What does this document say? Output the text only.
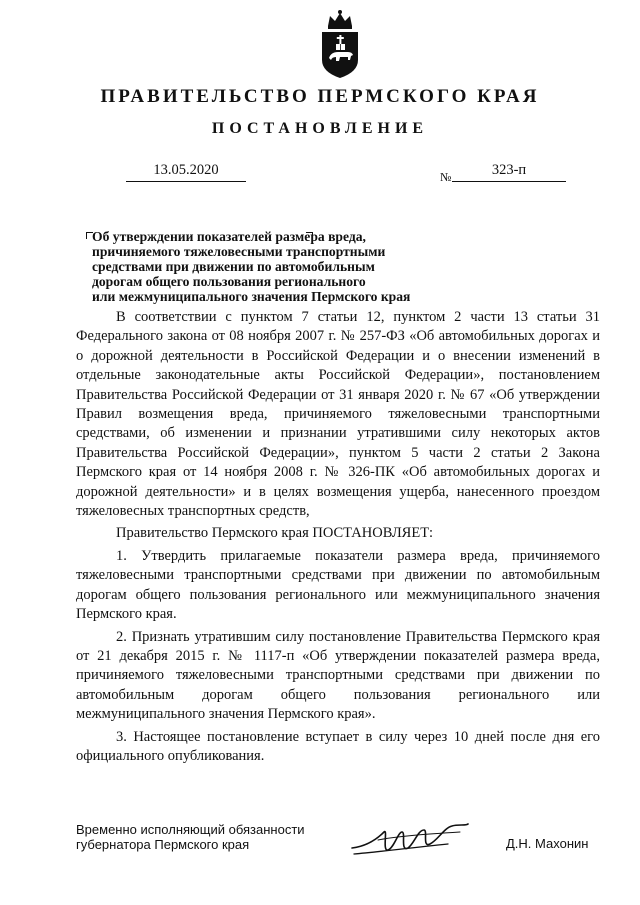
ПРАВИТЕЛЬСТВО ПЕРМСКОГО КРАЯ
ПОСТАНОВЛЕНИЕ
13.05.2020	№	323-п
Об утверждении показателей размера вреда,
причиняемого тяжеловесными транспортными
средствами при движении по автомобильным
дорогам общего пользования регионального
или межмуниципального значения Пермского края

В соответствии с пунктом 7 статьи 12, пунктом 2 части 13 статьи 31 Федерального закона от 08 ноября 2007 г. № 257-ФЗ «Об автомобильных дорогах и о дорожной деятельности в Российской Федерации и о внесении изменений в отдельные законодательные акты Российской Федерации», постановлением Правительства Российской Федерации от 31 января 2020 г. № 67 «Об утверждении Правил возмещения вреда, причиняемого тяжеловесными транспортными средствами, об изменении и признании утратившими силу некоторых актов Правительства Российской Федерации», пунктом 5 части 2 статьи 2 Закона Пермского края от 14 ноября 2008 г. № 326-ПК «Об автомобильных дорогах и дорожной деятельности» и в целях возмещения ущерба, нанесенного проездом тяжеловесных транспортных средств,

Правительство Пермского края ПОСТАНОВЛЯЕТ:

1. Утвердить прилагаемые показатели размера вреда, причиняемого тяжеловесными транспортными средствами при движении по автомобильным дорогам общего пользования регионального или межмуниципального значения Пермского края.

2. Признать утратившим силу постановление Правительства Пермского края от 21 декабря 2015 г. № 1117-п «Об утверждении показателей размера вреда, причиняемого тяжеловесными транспортными средствами при движении по автомобильным дорогам общего пользования регионального или межмуниципального значения Пермского края».

3. Настоящее постановление вступает в силу через 10 дней после дня его официального опубликования.

Временно исполняющий обязанности
губернатора Пермского края	Д.Н. Махонин
